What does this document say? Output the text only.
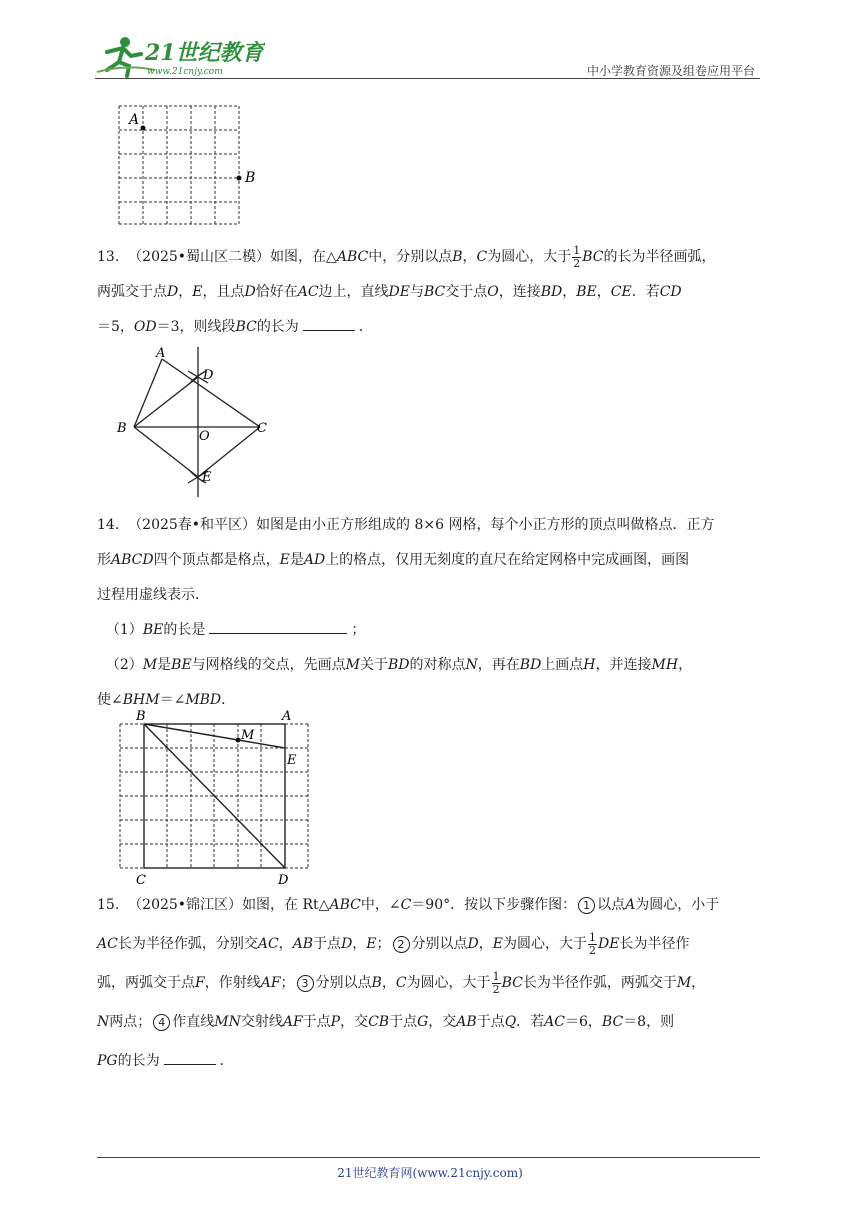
21世纪教育
www.21cnjy.com	中小学教育资源及组卷应用平台
A
B

13. （2025•蜀山区二模）如图，在△ABC中，分别以点B，C为圆心，大于 $\frac{1}{2}$ BC的长为半径画弧，

两弧交于点D，E，且点D恰好在AC边上，直线DE与BC交于点O，连接BD，BE，CE．若CD

＝5，OD＝3，则线段BC的长为	．

A
B	C
D
E
O

14. （2025春•和平区）如图是由小正方形组成的 8×6 网格，每个小正方形的顶点叫做格点．正方

形ABCD四个顶点都是格点，E是AD上的格点，仅用无刻度的直尺在给定网格中完成画图，画图

过程用虚线表示．

（1）BE的长是	；

（2）M是BE与网格线的交点，先画点M关于BD的对称点N，再在BD上画点H，并连接MH，

使∠BHM＝∠MBD．

B	A
C	D
E
M

15. （2025•锦江区）如图，在 Rt△ABC中，∠C＝90°．按以下步骤作图： 1 以点A为圆心，小于

AC长为半径作弧，分别交AC，AB于点D，E； 2 分别以点D，E为圆心，大于 $\frac{1}{2}$ DE长为半径作

弧，两弧交于点F，作射线AF； 3 分别以点B，C为圆心，大于 $\frac{1}{2}$ BC长为半径作弧，两弧交于M，

N两点； 4 作直线MN交射线AF于点P，交CB于点G，交AB于点Q．若AC＝6，BC＝8，则

PG的长为	．

21世纪教育网(www.21cnjy.com)
